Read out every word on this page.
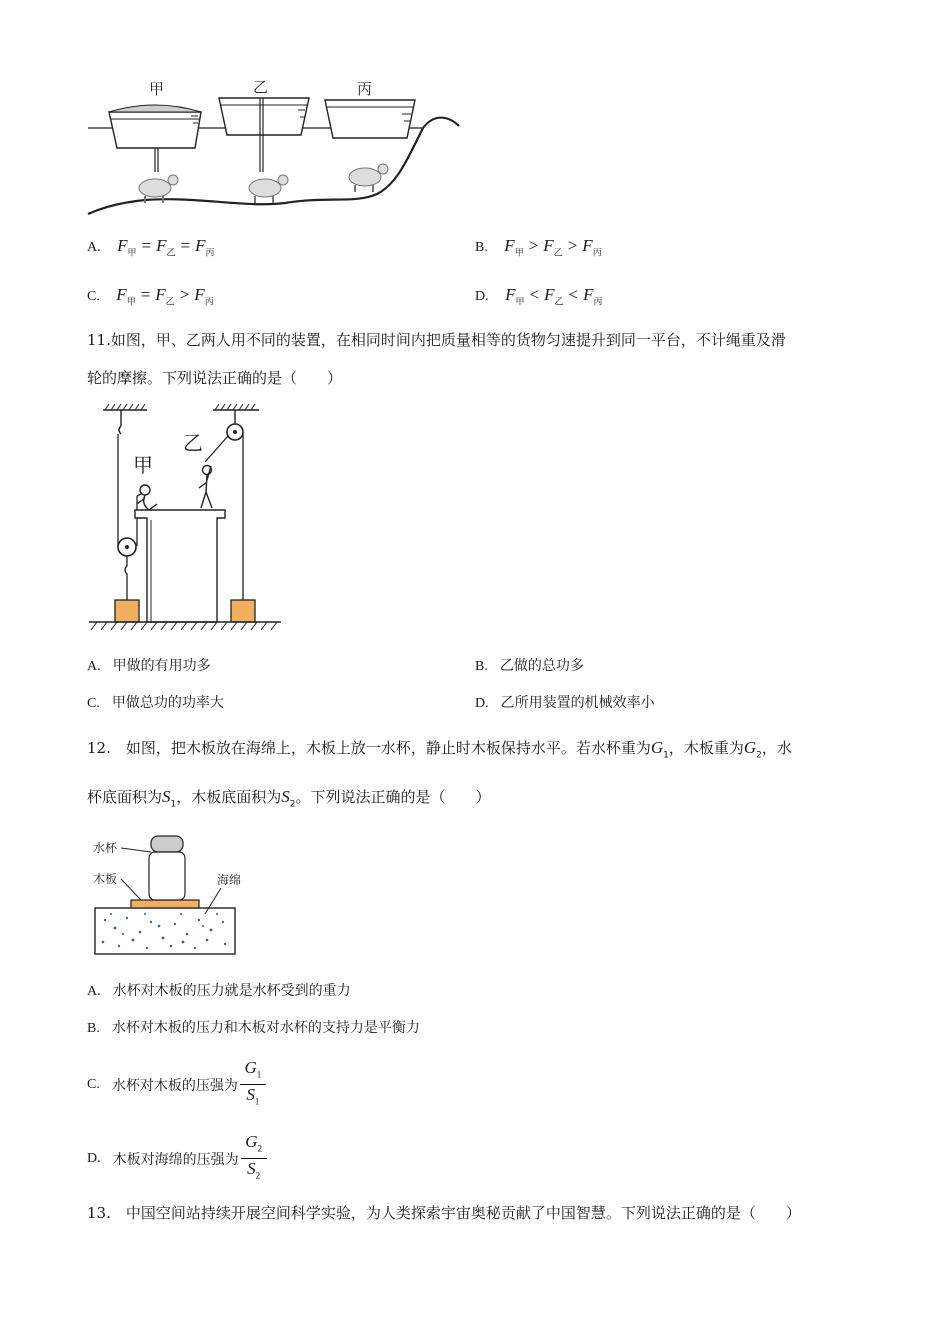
甲	乙	丙
A. $F_甲 = F_乙 = F_丙$	B. $F_甲 > F_乙 > F_丙$
C. $F_甲 = F_乙 > F_丙$	D. $F_甲 < F_乙 < F_丙$
11.如图，甲、乙两人用不同的装置，在相同时间内把质量相等的货物匀速提升到同一平台，不计绳重及滑
轮的摩擦。下列说法正确的是（　　）
甲
乙
A. 甲做的有用功多	B. 乙做的总功多
C. 甲做总功的功率大	D. 乙所用装置的机械效率小
12.　如图，把木板放在海绵上，木板上放一水杯，静止时木板保持水平。若水杯重为$G_1$，木板重为$G_2$，水
杯底面积为$S_1$，木板底面积为$S_2$。下列说法正确的是（　　）
水杯
木板	海绵
A. 水杯对木板的压力就是水杯受到的重力
B. 水杯对木板的压力和木板对水杯的支持力是平衡力
C. 水杯对木板的压强为 $\frac{G_1}{S_1}$
D. 木板对海绵的压强为 $\frac{G_2}{S_2}$
13.　中国空间站持续开展空间科学实验，为人类探索宇宙奥秘贡献了中国智慧。下列说法正确的是（　　）
